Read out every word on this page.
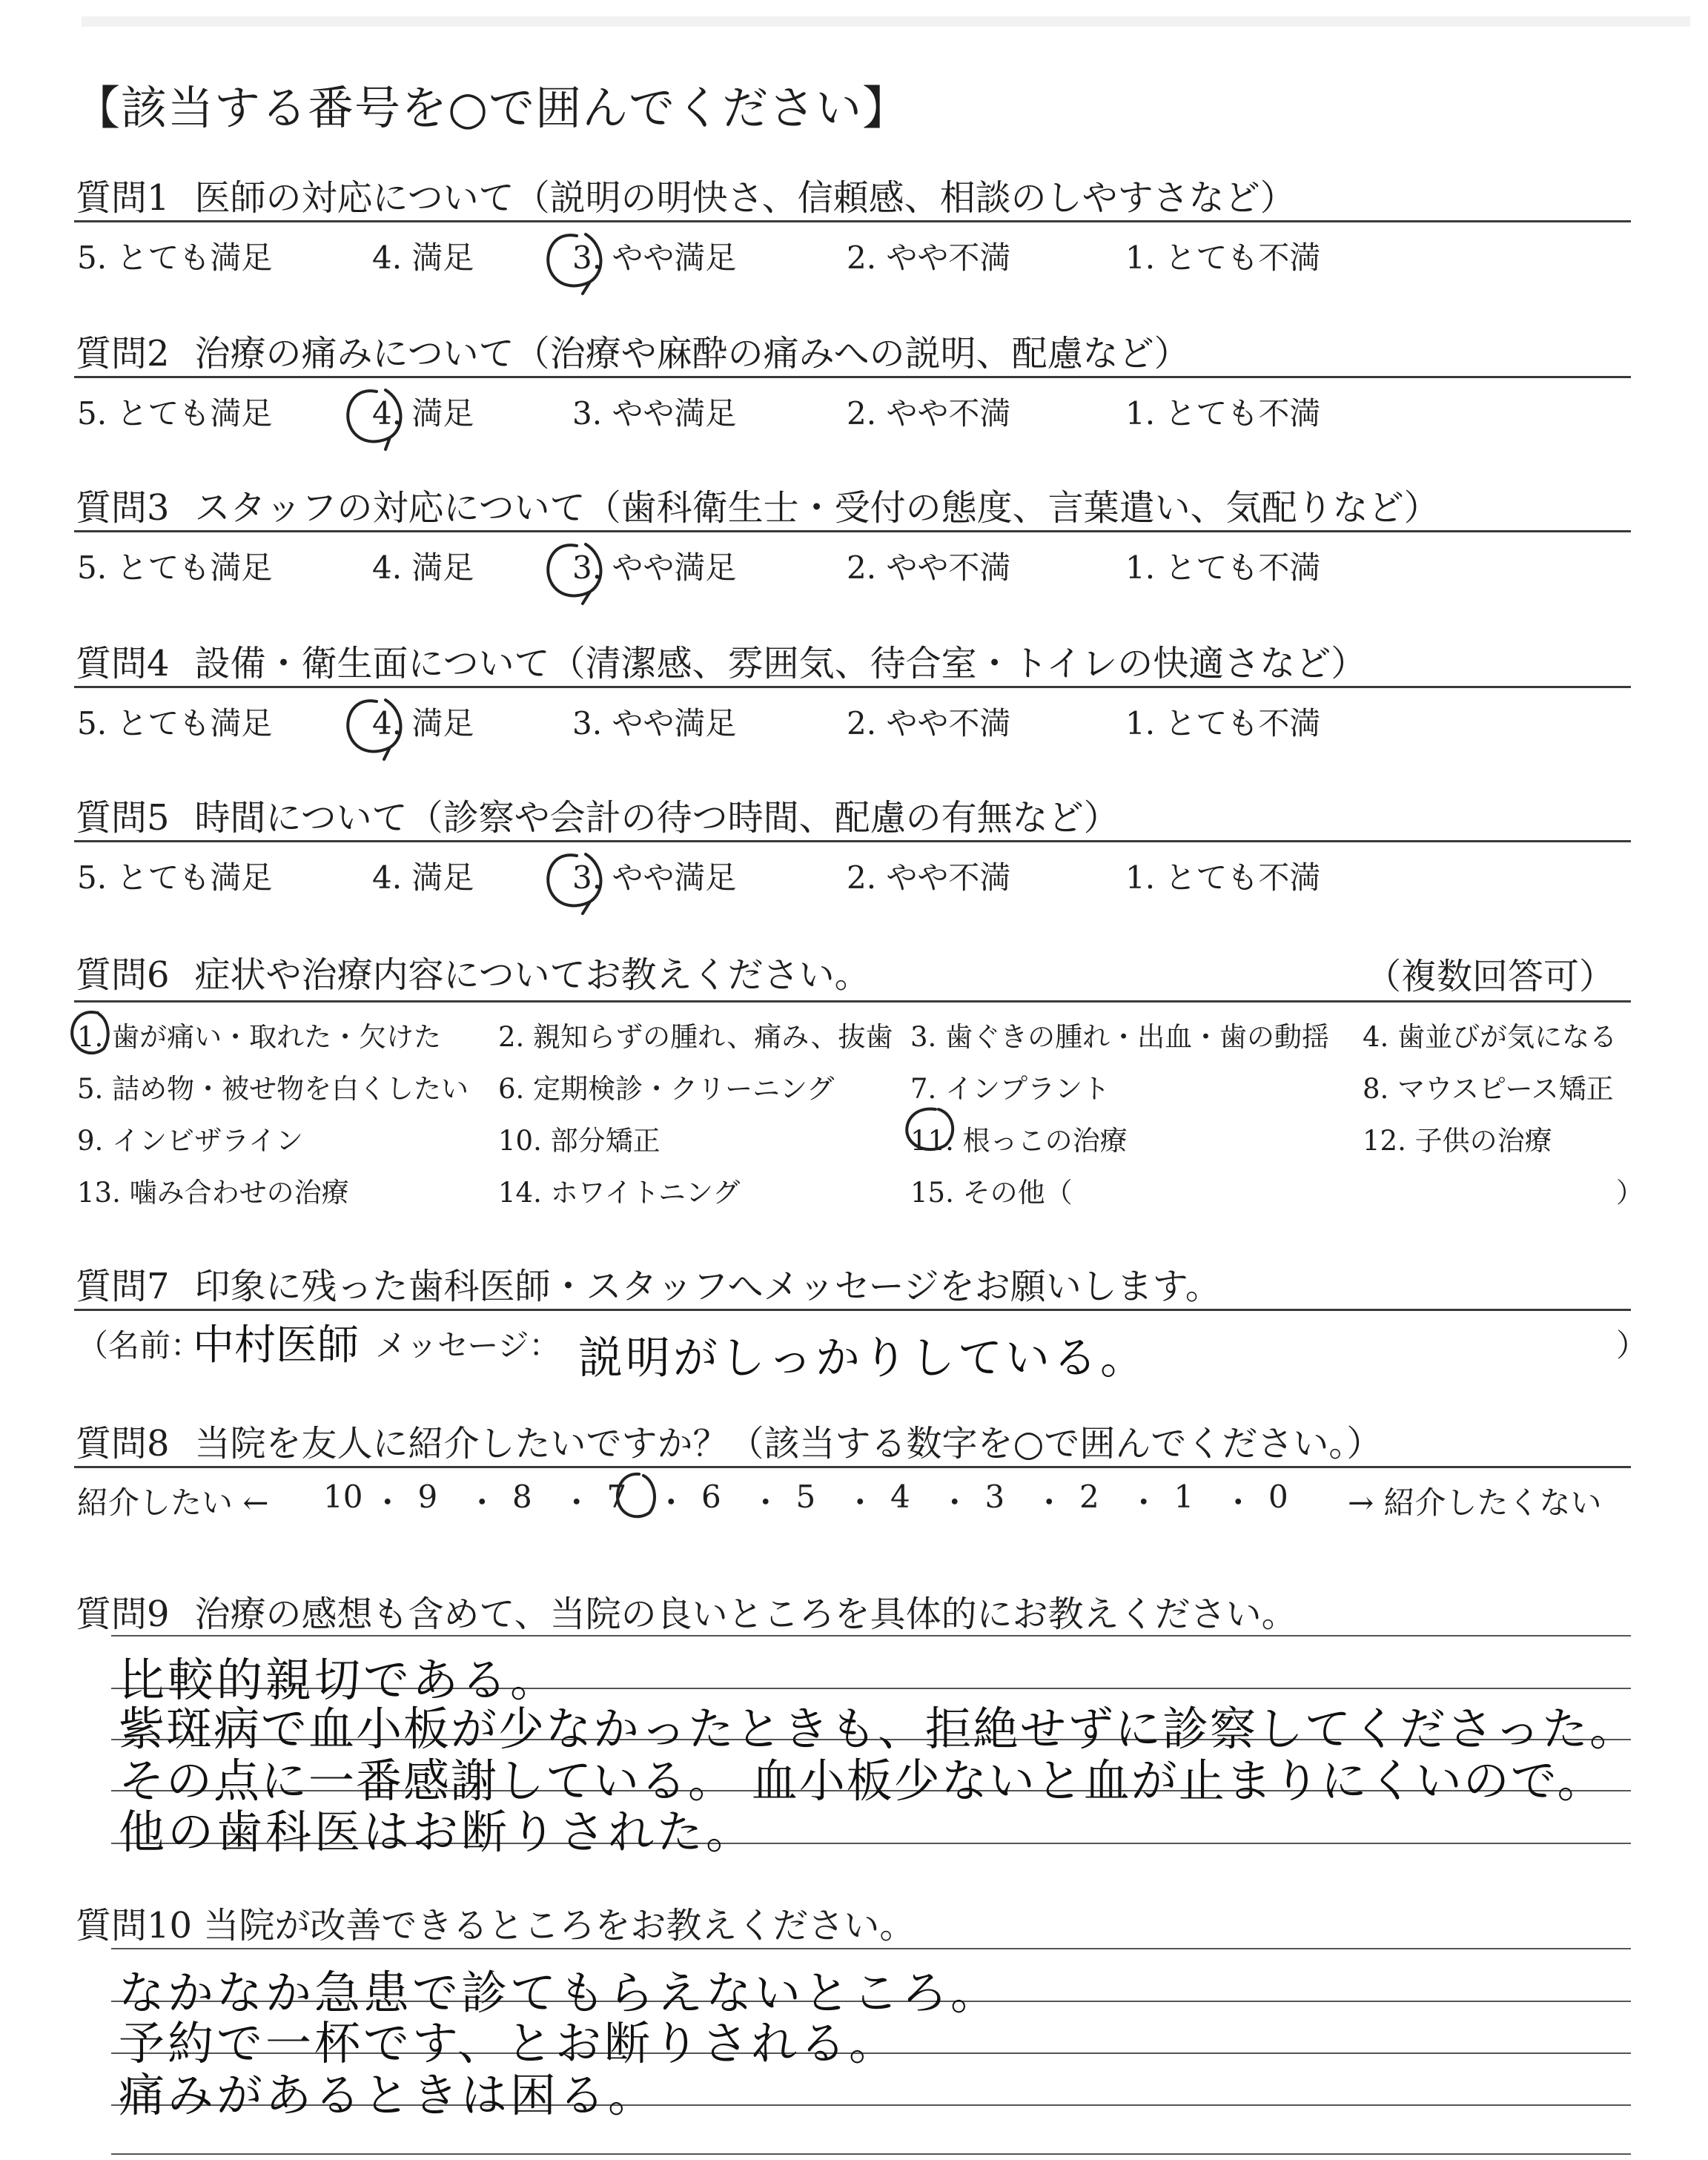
【該当する番号を○で囲んでください】
質問1 医師の対応について（説明の明快さ、信頼感、相談のしやすさなど）
5. とても満足	4. 満足	3. やや満足	2. やや不満	1. とても不満
質問2 治療の痛みについて（治療や麻酔の痛みへの説明、配慮など）
5. とても満足	4. 満足	3. やや満足	2. やや不満	1. とても不満
質問3 スタッフの対応について（歯科衛生士・受付の態度、言葉遣い、気配りなど）
5. とても満足	4. 満足	3. やや満足	2. やや不満	1. とても不満
質問4 設備・衛生面について（清潔感、雰囲気、待合室・トイレの快適さなど）
5. とても満足	4. 満足	3. やや満足	2. やや不満	1. とても不満
質問5 時間について（診察や会計の待つ時間、配慮の有無など）
5. とても満足	4. 満足	3. やや満足	2. やや不満	1. とても不満
質問6 症状や治療内容についてお教えください。	（複数回答可）
1. 歯が痛い・取れた・欠けた 2. 親知らずの腫れ、痛み、抜歯 3. 歯ぐきの腫れ・出血・歯の動揺 4. 歯並びが気になる
5. 詰め物・被せ物を白くしたい 6. 定期検診・クリーニング	7. インプラント	8. マウスピース矯正
9. インビザライン	10. 部分矯正	11. 根っこの治療	12. 子供の治療
13. 噛み合わせの治療	14. ホワイトニング	15. その他（	）
質問7 印象に残った歯科医師・スタッフへメッセージをお願いします。
（名前：
中村医師 メッセージ： 説明がしっかりしている。	）
質問8 当院を友人に紹介したいですか？（該当する数字を○で囲んでください。）
紹介したい ← 10 ・ 9 ・ 8 ・ 7 ・ 6 ・ 5 ・ 4 ・ 3 ・ 2 ・ 1 ・ 0 → 紹介したくない
質問9 治療の感想も含めて、当院の良いところを具体的にお教えください。
比較的親切である。
紫斑病で血小板が少なかったときも、拒絶せずに診察してくださった。
その点に一番感謝している。 血小板少ないと血が止まりにくいので。
他の歯科医はお断りされた。
質問10 当院が改善できるところをお教えください。
なかなか急患で診てもらえないところ。
予約で一杯です、とお断りされる。
痛みがあるときは困る。
